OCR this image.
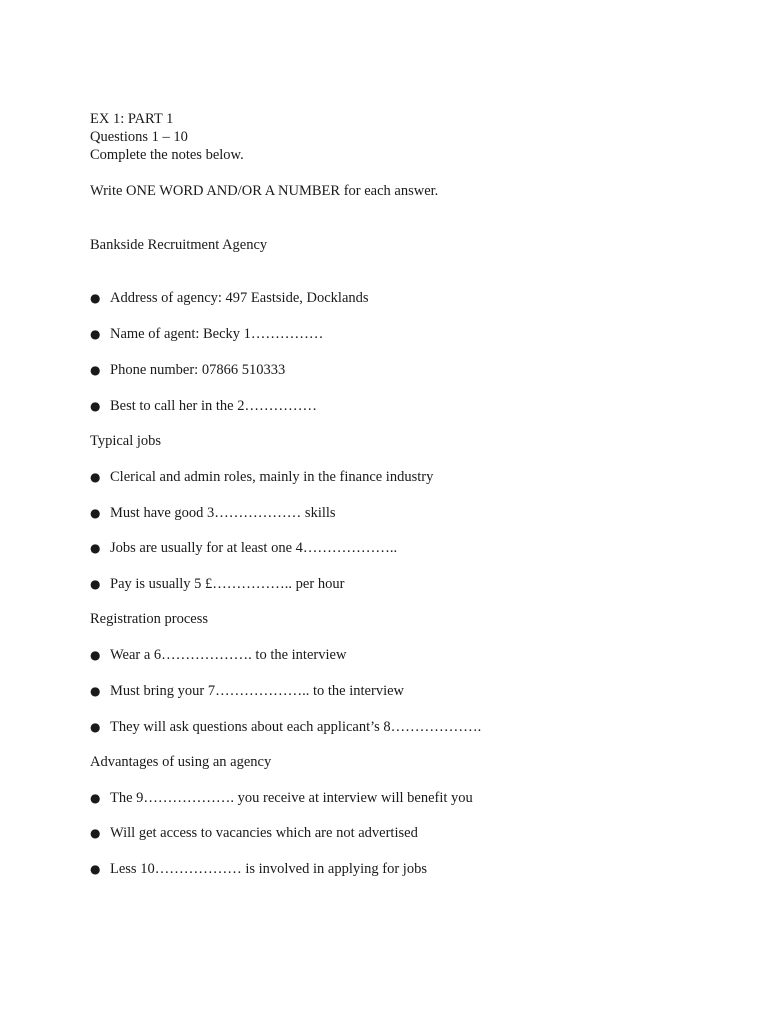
EX 1: PART 1
Questions 1 – 10
Complete the notes below.
Write ONE WORD AND/OR A NUMBER for each answer.
Bankside Recruitment Agency
● Address of agency: 497 Eastside, Docklands
● Name of agent: Becky 1……………
● Phone number: 07866 510333
● Best to call her in the 2……………
Typical jobs
● Clerical and admin roles, mainly in the finance industry
● Must have good 3……………… skills
● Jobs are usually for at least one 4………………..
● Pay is usually 5 £…………….. per hour
Registration process
● Wear a 6………………. to the interview
● Must bring your 7……………….. to the interview
● They will ask questions about each applicant’s 8……………….
Advantages of using an agency
● The 9………………. you receive at interview will benefit you
● Will get access to vacancies which are not advertised
● Less 10……………… is involved in applying for jobs
